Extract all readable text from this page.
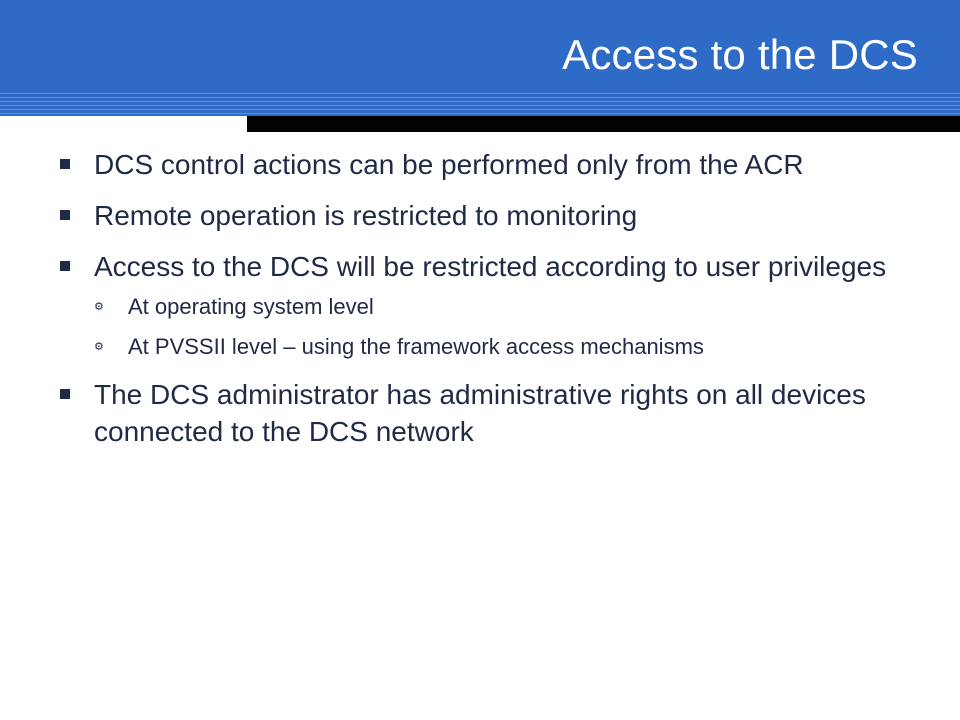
Access to the DCS
DCS control actions can be performed only from the ACR
Remote operation is restricted to monitoring
Access to the DCS will be restricted according to user privileges
⚙ At operating system level
⚙ At PVSSII level – using the framework access mechanisms
The DCS administrator has administrative rights on all devices connected to the DCS network
